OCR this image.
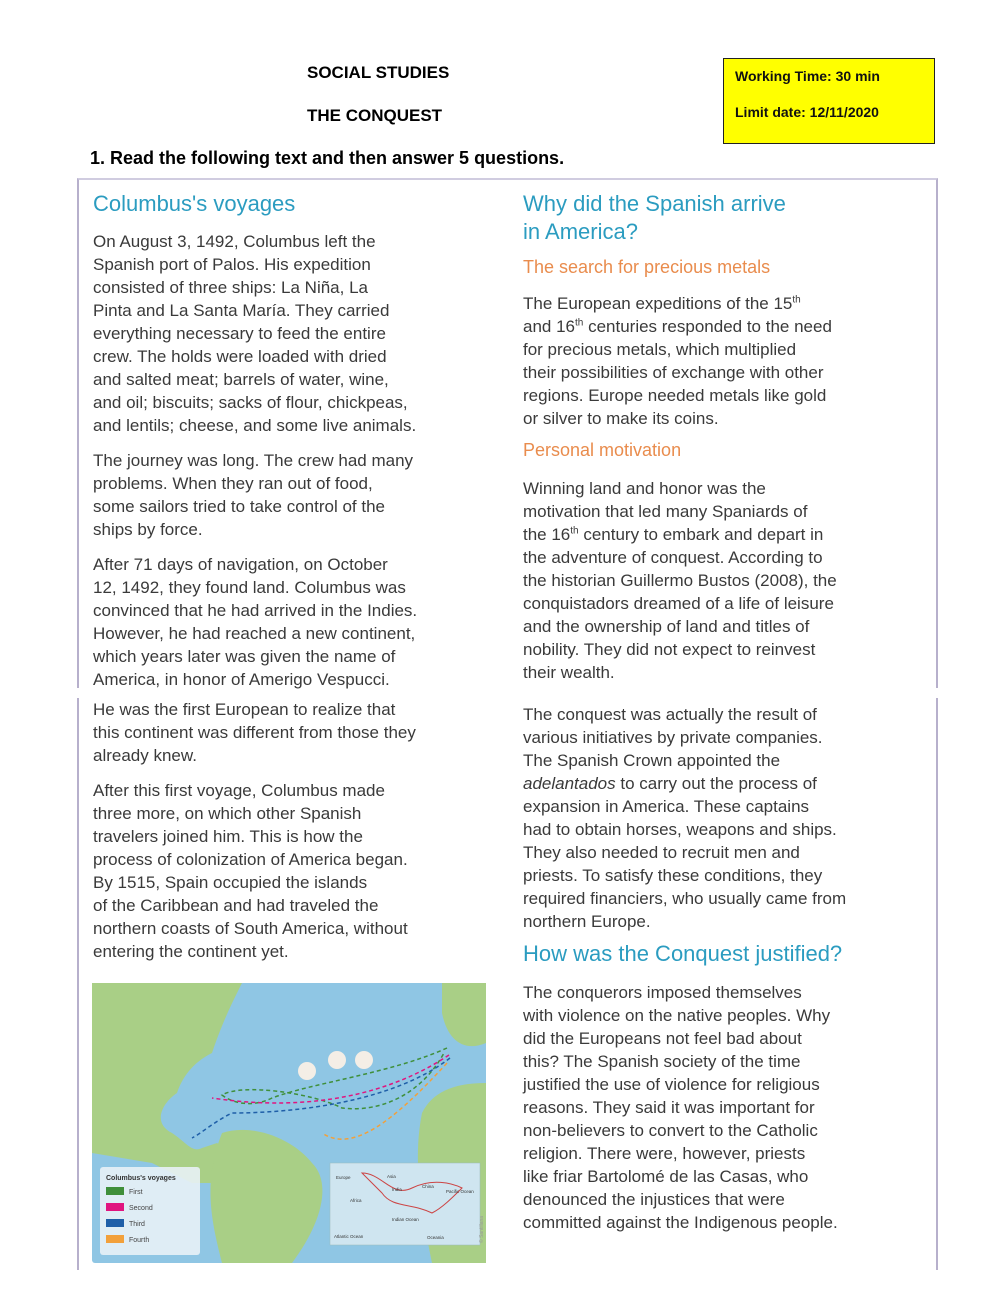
SOCIAL STUDIES
THE CONQUEST
1. Read the following text and then answer 5 questions.
Working Time: 30 min
Limit date: 12/11/2020
Columbus's voyages
On August 3, 1492, Columbus left the
Spanish port of Palos. His expedition
consisted of three ships: La Niña, La
Pinta and La Santa María. They carried
everything necessary to feed the entire
crew. The holds were loaded with dried
and salted meat; barrels of water, wine,
and oil; biscuits; sacks of flour, chickpeas,
and lentils; cheese, and some live animals.
The journey was long. The crew had many
problems. When they ran out of food,
some sailors tried to take control of the
ships by force.
After 71 days of navigation, on October
12, 1492, they found land. Columbus was
convinced that he had arrived in the Indies.
However, he had reached a new continent,
which years later was given the name of
America, in honor of Amerigo Vespucci.
He was the first European to realize that
this continent was different from those they
already knew.
After this first voyage, Columbus made
three more, on which other Spanish
travelers joined him. This is how the
process of colonization of America began.
By 1515, Spain occupied the islands
of the Caribbean and had traveled the
northern coasts of South America, without
entering the continent yet.
Why did the Spanish arrive
in America?
The search for precious metals
The European expeditions of the 15th
and 16th centuries responded to the need
for precious metals, which multiplied
their possibilities of exchange with other
regions. Europe needed metals like gold
or silver to make its coins.
Personal motivation
Winning land and honor was the
motivation that led many Spaniards of
the 16th century to embark and depart in
the adventure of conquest. According to
the historian Guillermo Bustos (2008), the
conquistadors dreamed of a life of leisure
and the ownership of land and titles of
nobility. They did not expect to reinvest
their wealth.
The conquest was actually the result of
various initiatives by private companies.
The Spanish Crown appointed the
adelantados to carry out the process of
expansion in America. These captains
had to obtain horses, weapons and ships.
They also needed to recruit men and
priests. To satisfy these conditions, they
required financiers, who usually came from
northern Europe.
How was the Conquest justified?
The conquerors imposed themselves
with violence on the native peoples. Why
did the Europeans not feel bad about
this? The Spanish society of the time
justified the use of violence for religious
reasons. They said it was important for
non-believers to convert to the Catholic
religion. There were, however, priests
like friar Bartolomé de las Casas, who
denounced the injustices that were
committed against the Indigenous people.
Columbus's voyages
First
Second
Third
Fourth
Europe	Asia
China
India
Africa
Pacific Ocean
Indian Ocean
Atlantic Ocean	Oceania	© Santillana
